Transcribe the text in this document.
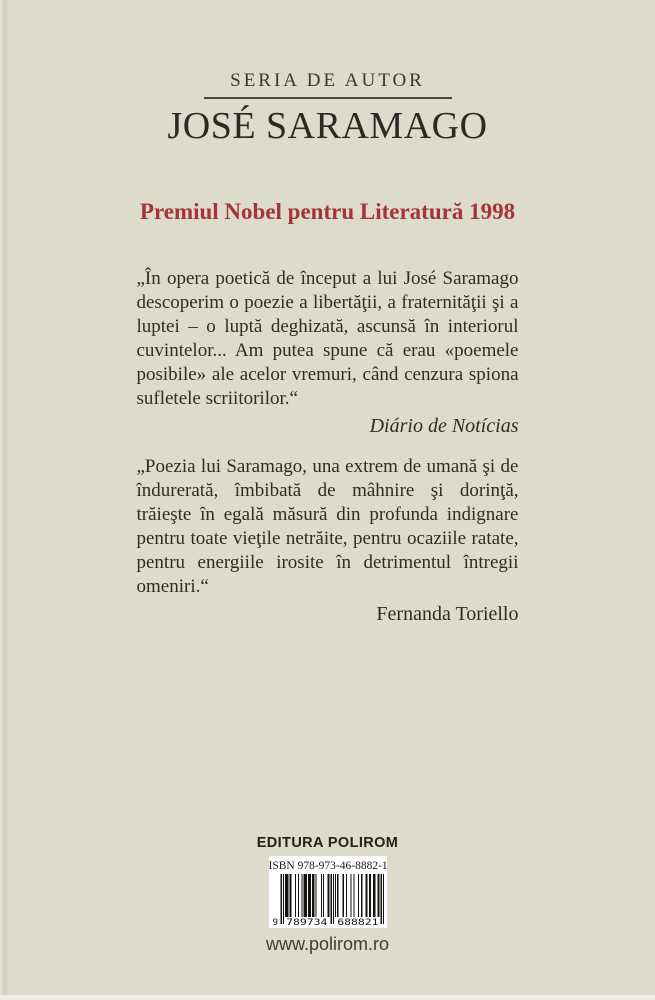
SERIA DE AUTOR
JOSÉ SARAMAGO
Premiul Nobel pentru Literatură 1998

„În opera poetică de început a lui José Saramago descoperim o poezie a libertăţii, a fraternităţii şi a luptei – o luptă deghizată, ascunsă în interiorul cuvintelor... Am putea spune că erau «poemele posibile» ale acelor vremuri, când cenzura spiona sufletele scriitorilor.“

Diário de Notícias

„Poezia lui Saramago, una extrem de umană şi de îndurerată, îmbibată de mâhnire şi dorinţă, trăieşte în egală măsură din profunda indignare pentru toate vieţile netrăite, pentru ocaziile ratate, pentru energiile irosite în detrimentul întregii omeniri.“

Fernanda Toriello

EDITURA POLIROM
ISBN 978-973-46-8882-1
9 789734 688821
www.polirom.ro
